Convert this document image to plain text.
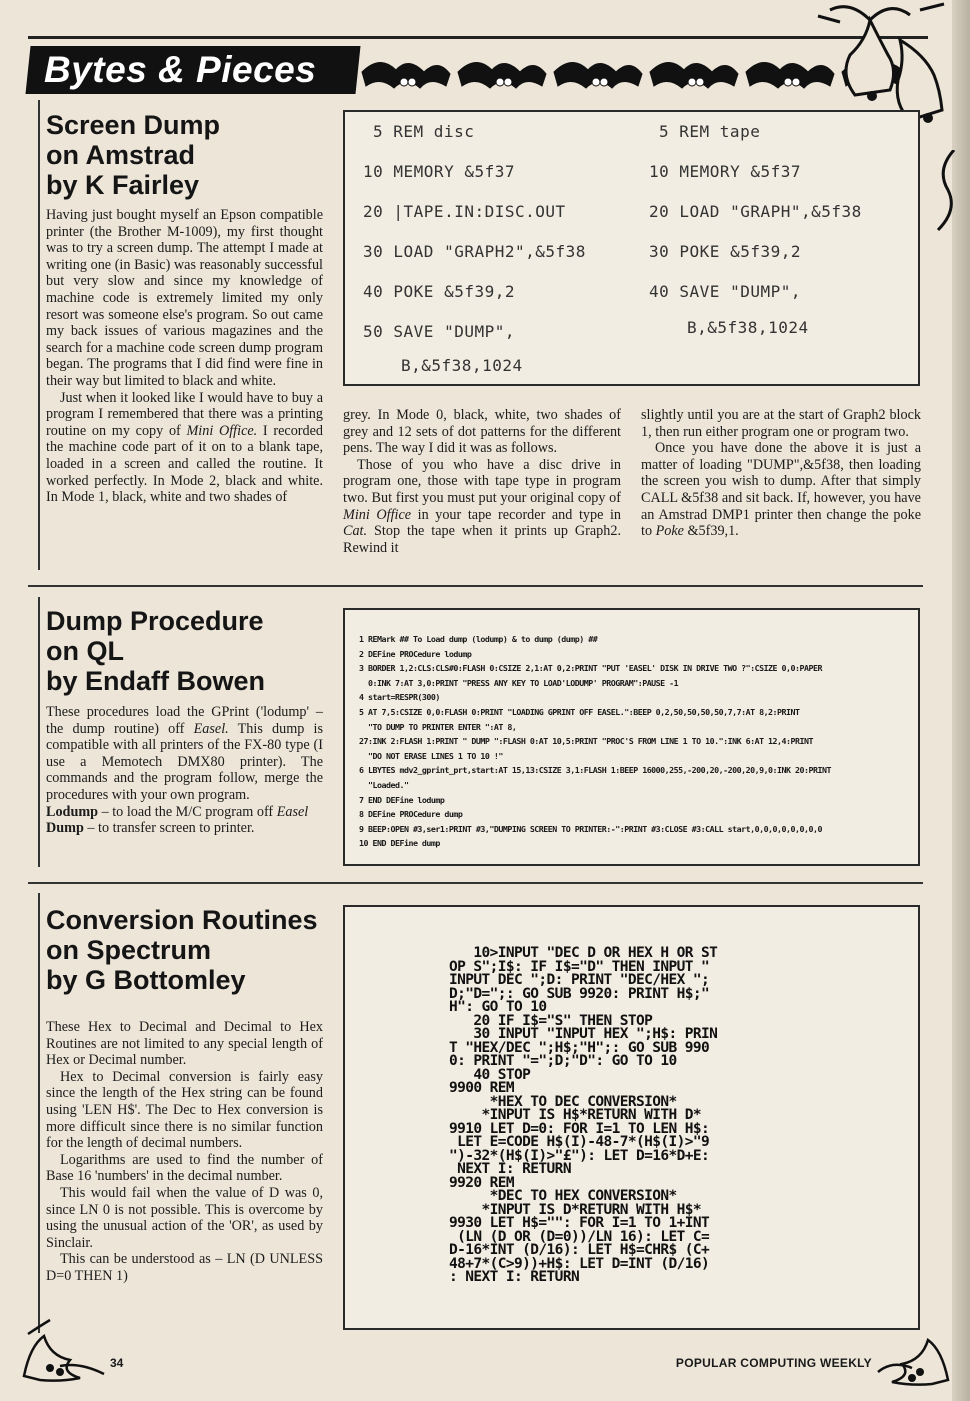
Bytes & Pieces
Screen Dump
on Amstrad
by K Fairley

Having just bought myself an Epson compatible printer (the Brother M-1009), my first thought was to try a screen dump. The attempt I made at writing one (in Basic) was reasonably successful but very slow and since my knowledge of machine code is extremely limited my only resort was someone else's program. So out came my back issues of various magazines and the search for a machine code screen dump program began. The programs that I did find were fine in their way but limited to black and white.

Just when it looked like I would have to buy a program I remembered that there was a printing routine on my copy of Mini Office. I recorded the machine code part of it on to a blank tape, loaded in a screen and called the routine. It worked perfectly. In Mode 2, black and white. In Mode 1, black, white and two shades of

5 REM disc
10 MEMORY &5f37
20 |TAPE.IN:DISC.OUT
30 LOAD "GRAPH2",&5f38
40 POKE &5f39,2
50 SAVE "DUMP",
B,&5f38,1024
5 REM tape
10 MEMORY &5f37
20 LOAD "GRAPH",&5f38
30 POKE &5f39,2
40 SAVE "DUMP",
B,&5f38,1024

grey. In Mode 0, black, white, two shades of grey and 12 sets of dot patterns for the different pens. The way I did it was as follows.

Those of you who have a disc drive in program one, those with tape type in program two. But first you must put your original copy of Mini Office in your tape recorder and type in Cat. Stop the tape when it prints up Graph2. Rewind it

slightly until you are at the start of Graph2 block 1, then run either program one or program two.

Once you have done the above it is just a matter of loading "DUMP",&5f38, then loading the screen you wish to dump. After that simply CALL &5f38 and sit back. If, however, you have an Amstrad DMP1 printer then change the poke to Poke &5f39,1.

Dump Procedure
on QL
by Endaff Bowen

These procedures load the GPrint ('lodump' – the dump routine) off Easel. This dump is compatible with all printers of the FX-80 type (I use a Memotech DMX80 printer). The commands and the program follow, merge the procedures with your own program.

Lodump – to load the M/C program off Easel

Dump – to transfer screen to printer.

1 REMark ## To Load dump (lodump) & to dump (dump) ##
2 DEFine PROCedure lodump
3 BORDER 1,2:CLS:CLS#0:FLASH 0:CSIZE 2,1:AT 0,2:PRINT "PUT 'EASEL' DISK IN DRIVE TWO ?":CSIZE 0,0:PAPER
0:INK 7:AT 3,0:PRINT "PRESS ANY KEY TO LOAD'LODUMP' PROGRAM":PAUSE -1
4 start=RESPR(300)
5 AT 7,5:CSIZE 0,0:FLASH 0:PRINT "LOADING GPRINT OFF EASEL.":BEEP 0,2,50,50,50,50,7,7:AT 8,2:PRINT
"TO DUMP TO PRINTER ENTER ":AT 8,
27:INK 2:FLASH 1:PRINT " DUMP ":FLASH 0:AT 10,5:PRINT "PROC'S FROM LINE 1 TO 10.":INK 6:AT 12,4:PRINT
"DO NOT ERASE LINES 1 TO 10 !"
6 LBYTES mdv2_gprint_prt,start:AT 15,13:CSIZE 3,1:FLASH 1:BEEP 16000,255,-200,20,-200,20,9,0:INK 20:PRINT
"Loaded."
7 END DEFine lodump
8 DEFine PROCedure dump
9 BEEP:OPEN #3,ser1:PRINT #3,"DUMPING SCREEN TO PRINTER:-":PRINT #3:CLOSE #3:CALL start,0,0,0,0,0,0,0,0
10 END DEFine dump
Conversion Routines
on Spectrum
by G Bottomley

These Hex to Decimal and Decimal to Hex Routines are not limited to any special length of Hex or Decimal number.

Hex to Decimal conversion is fairly easy since the length of the Hex string can be found using 'LEN H$'. The Dec to Hex conversion is more difficult since there is no similar function for the length of decimal numbers.

Logarithms are used to find the number of Base 16 'numbers' in the decimal number.

This would fail when the value of D was 0, since LN 0 is not possible. This is overcome by using the unusual action of the 'OR', as used by Sinclair.

This can be understood as – LN (D UNLESS D=0 THEN 1)

10>INPUT "DEC D OR HEX H OR ST
OP S";I$: IF I$="D" THEN INPUT "
INPUT DEC ";D: PRINT "DEC/HEX ";
D;"D=";: GO SUB 9920: PRINT H$;"
H": GO TO 10
20 IF I$="S" THEN STOP
30 INPUT "INPUT HEX ";H$: PRIN
T "HEX/DEC ";H$;"H";: GO SUB 990
0: PRINT "=";D;"D": GO TO 10
40 STOP
9900 REM
*HEX TO DEC CONVERSION*
*INPUT IS H$*RETURN WITH D*
9910 LET D=0: FOR I=1 TO LEN H$:
LET E=CODE H$(I)-48-7*(H$(I)>"9
")-32*(H$(I)>"£"): LET D=16*D+E:
NEXT I: RETURN
9920 REM
*DEC TO HEX CONVERSION*
*INPUT IS D*RETURN WITH H$*
9930 LET H$="": FOR I=1 TO 1+INT
(LN (D OR (D=0))/LN 16): LET C=
D-16*INT (D/16): LET H$=CHR$ (C+
48+7*(C>9))+H$: LET D=INT (D/16)
: NEXT I: RETURN
34	POPULAR COMPUTING WEEKLY
